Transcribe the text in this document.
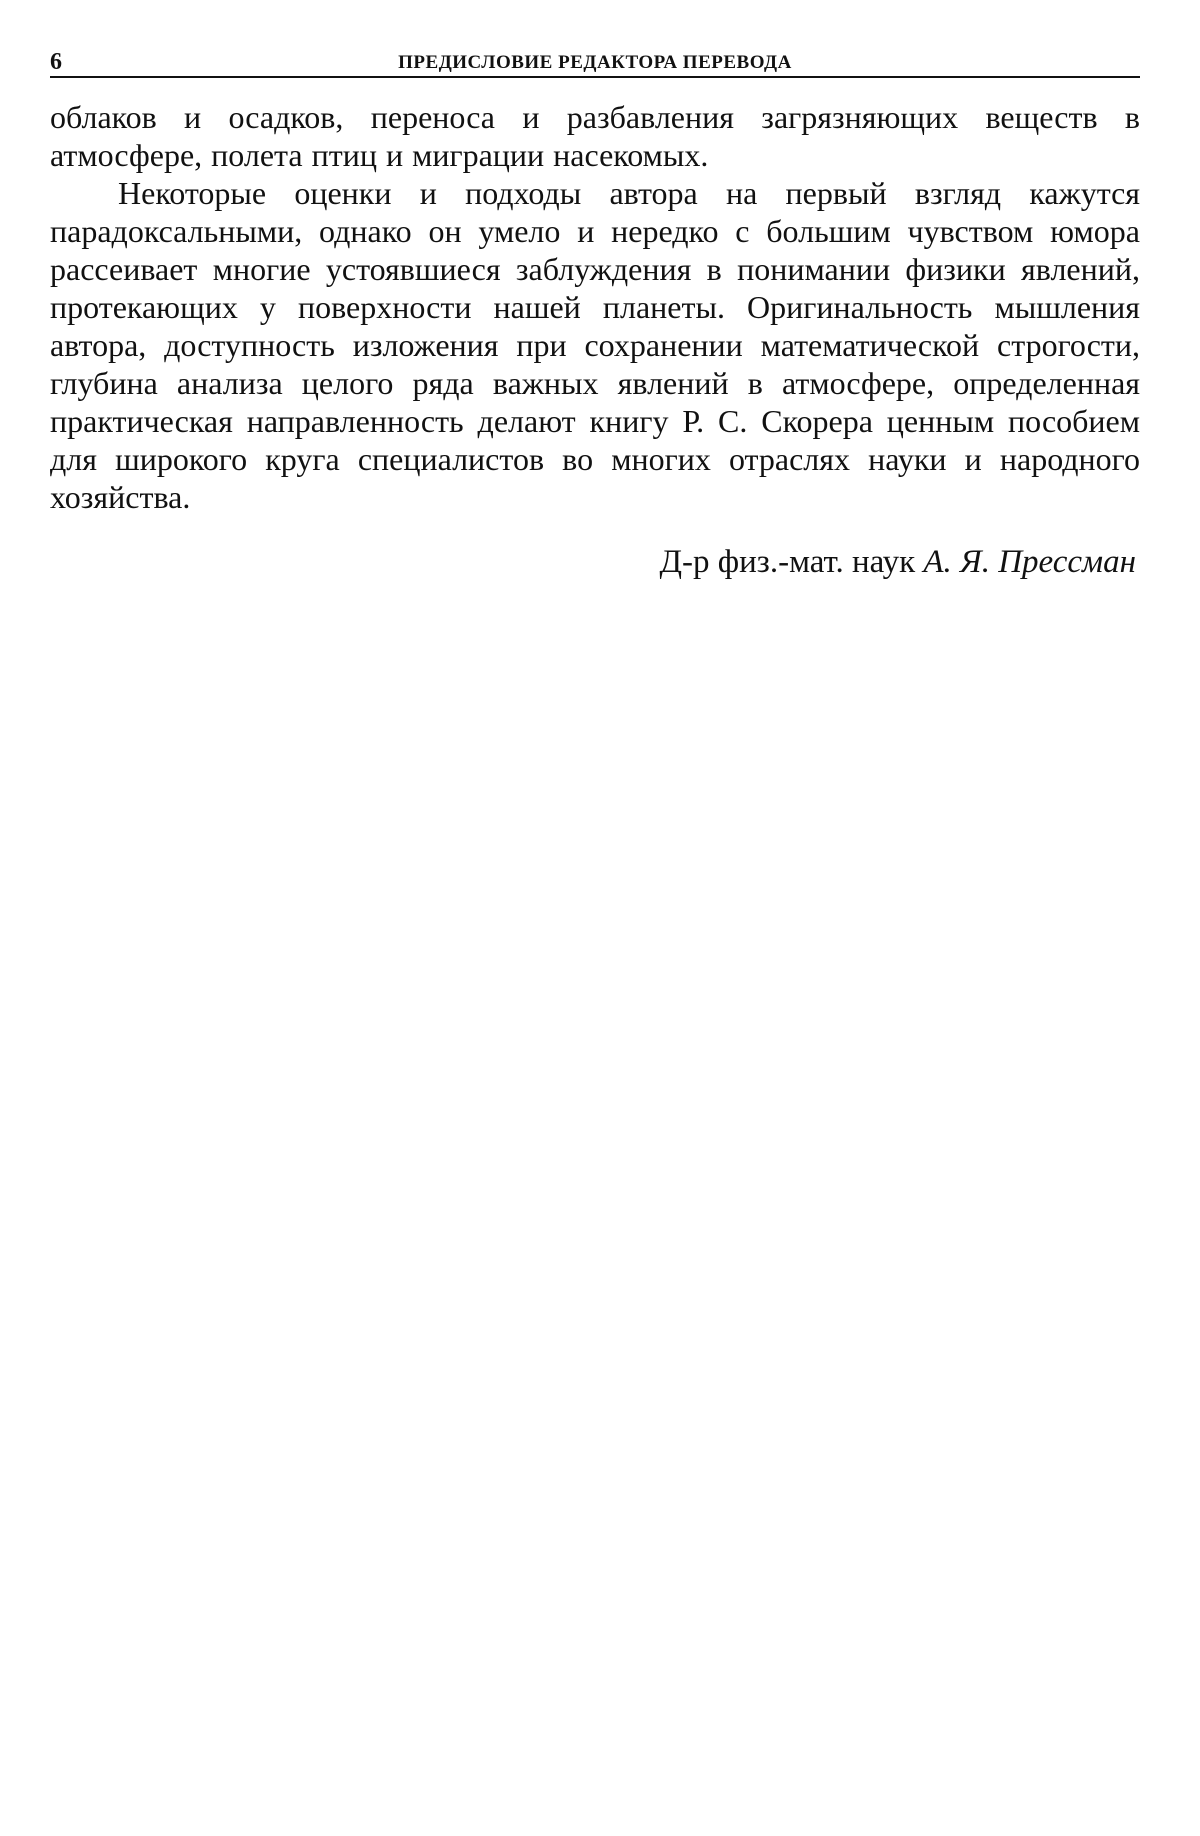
6	ПРЕДИСЛОВИЕ РЕДАКТОРА ПЕРЕВОДА

облаков и осадков, переноса и разбавления загрязняющих веществ в атмосфере, полета птиц и миграции насекомых.

Некоторые оценки и подходы автора на первый взгляд кажутся парадоксальными, однако он умело и нередко с большим чувством юмора рассеивает многие устоявшиеся заблуждения в понимании физики явлений, протекающих у поверхности нашей планеты. Оригинальность мышления автора, доступность изложения при сохранении математической строгости, глубина анализа целого ряда важных явлений в атмосфере, определенная практическая направленность делают книгу Р. С. Скорера ценным пособием для широкого круга специалистов во многих отраслях науки и народного хозяйства.

Д-р физ.-мат. наук А. Я. Прессман
